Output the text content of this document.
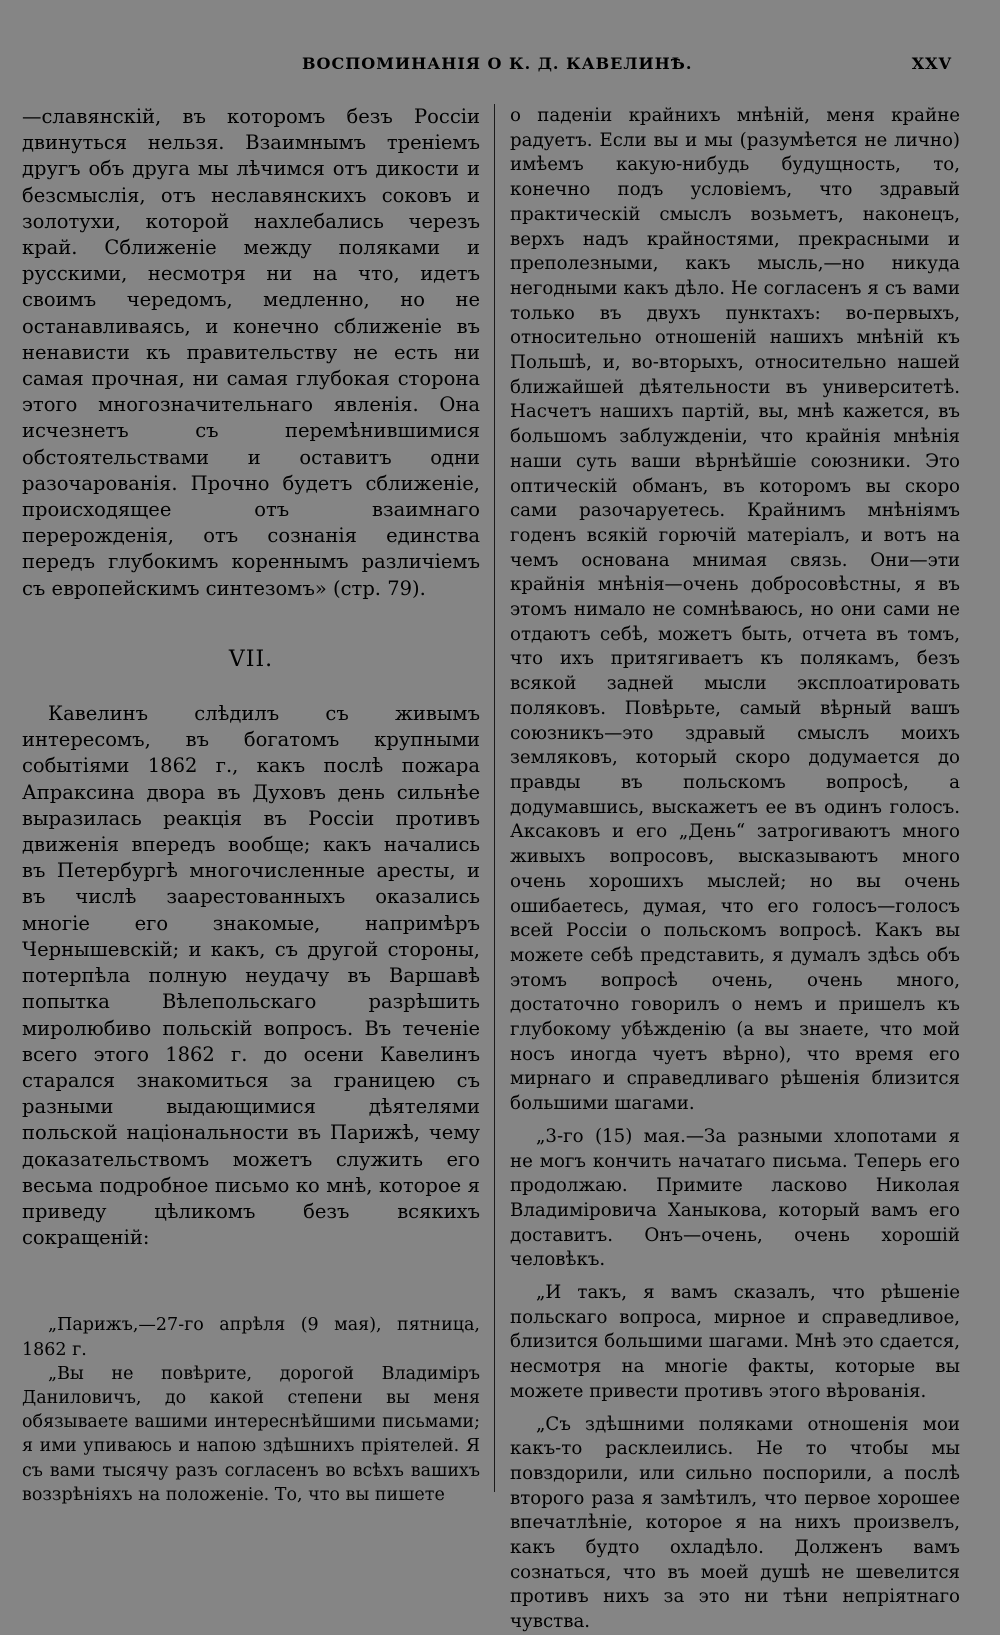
ВОСПОМИНАНІЯ О К. Д. КАВЕЛИНѢ.	XXV

—славянскій, въ которомъ безъ Россіи двинуться нельзя. Взаимнымъ треніемъ другъ объ друга мы лѣчимся отъ дикости и безсмыслія, отъ неславянскихъ соковъ и золотухи, которой нахлебались черезъ край. Сближеніе между поляками и русскими, несмотря ни на что, идетъ своимъ чередомъ, медленно, но не останавливаясь, и конечно сближеніе въ ненависти къ правительству не есть ни самая прочная, ни самая глубокая сторона этого многозначительнаго явленія. Она исчезнетъ съ перемѣнившимися обстоятельствами и оставитъ одни разочарованія. Прочно будетъ сближеніе, происходящее отъ взаимнаго перерожденія, отъ сознанія единства передъ глубокимъ кореннымъ различіемъ съ европейскимъ синтезомъ» (стр. 79).

VII.

Кавелинъ слѣдилъ съ живымъ интересомъ, въ богатомъ крупными событіями 1862 г., какъ послѣ пожара Апраксина двора въ Духовъ день сильнѣе выразилась реакція въ Россіи противъ движенія впередъ вообще; какъ начались въ Петербургѣ многочисленные аресты, и въ числѣ заарестованныхъ оказались многіе его знакомые, напримѣръ Чернышевскій; и какъ, съ другой стороны, потерпѣла полную неудачу въ Варшавѣ попытка Вѣлепольскаго разрѣшить миролюбиво польскій вопросъ. Въ теченіе всего этого 1862 г. до осени Кавелинъ старался знакомиться за границею съ разными выдающимися дѣятелями польской національности въ Парижѣ, чему доказательствомъ можетъ служить его весьма подробное письмо ко мнѣ, которое я приведу цѣликомъ безъ всякихъ сокращеній:

„Парижъ,—27-го апрѣля (9 мая), пятница, 1862 г.

„Вы не повѣрите, дорогой Владиміръ Даниловичъ, до какой степени вы меня обязываете вашими интереснѣйшими письмами; я ими упиваюсь и напою здѣшнихъ пріятелей. Я съ вами тысячу разъ согласенъ во всѣхъ вашихъ воззрѣніяхъ на положеніе. То, что вы пишете

о паденіи крайнихъ мнѣній, меня крайне радуетъ. Если вы и мы (разумѣется не лично) имѣемъ какую-нибудь будущность, то, конечно подъ условіемъ, что здравый практическій смыслъ возьметъ, наконецъ, верхъ надъ крайностями, прекрасными и преполезными, какъ мысль,—но никуда негодными какъ дѣло. Не согласенъ я съ вами только въ двухъ пунктахъ: во-первыхъ, относительно отношеній нашихъ мнѣній къ Польшѣ, и, во-вторыхъ, относительно нашей ближайшей дѣятельности въ университетѣ. Насчетъ нашихъ партій, вы, мнѣ кажется, въ большомъ заблужденіи, что крайнія мнѣнія наши суть ваши вѣрнѣйшіе союзники. Это оптическій обманъ, въ которомъ вы скоро сами разочаруетесь. Крайнимъ мнѣніямъ годенъ всякій горючій матеріалъ, и вотъ на чемъ основана мнимая связь. Они—эти крайнія мнѣнія—очень добросовѣстны, я въ этомъ нимало не сомнѣваюсь, но они сами не отдаютъ себѣ, можетъ быть, отчета въ томъ, что ихъ притягиваетъ къ полякамъ, безъ всякой задней мысли эксплоатировать поляковъ. Повѣрьте, самый вѣрный вашъ союзникъ—это здравый смыслъ моихъ земляковъ, который скоро додумается до правды въ польскомъ вопросѣ, а додумавшись, выскажетъ ее въ одинъ голосъ. Аксаковъ и его „День“ затрогиваютъ много живыхъ вопросовъ, высказываютъ много очень хорошихъ мыслей; но вы очень ошибаетесь, думая, что его голосъ—голосъ всей Россіи о польскомъ вопросѣ. Какъ вы можете себѣ представить, я думалъ здѣсь объ этомъ вопросѣ очень, очень много, достаточно говорилъ о немъ и пришелъ къ глубокому убѣжденію (а вы знаете, что мой носъ иногда чуетъ вѣрно), что время его мирнаго и справедливаго рѣшенія близится большими шагами.

„3-го (15) мая.—За разными хлопотами я не могъ кончить начатаго письма. Теперь его продолжаю. Примите ласково Николая Владиміровича Ханыкова, который вамъ его доставитъ. Онъ—очень, очень хорошій человѣкъ.

„И такъ, я вамъ сказалъ, что рѣшеніе польскаго вопроса, мирное и справедливое, близится большими шагами. Мнѣ это сдается, несмотря на многіе факты, которые вы можете привести противъ этого вѣрованія.

„Съ здѣшними поляками отношенія мои какъ-то расклеились. Не то чтобы мы повздорили, или сильно поспорили, а послѣ второго раза я замѣтилъ, что первое хорошее впечатлѣніе, которое я на нихъ произвелъ, какъ будто охладѣло. Долженъ вамъ сознаться, что въ моей душѣ не шевелится противъ нихъ за это ни тѣни непріятнаго чувства.
